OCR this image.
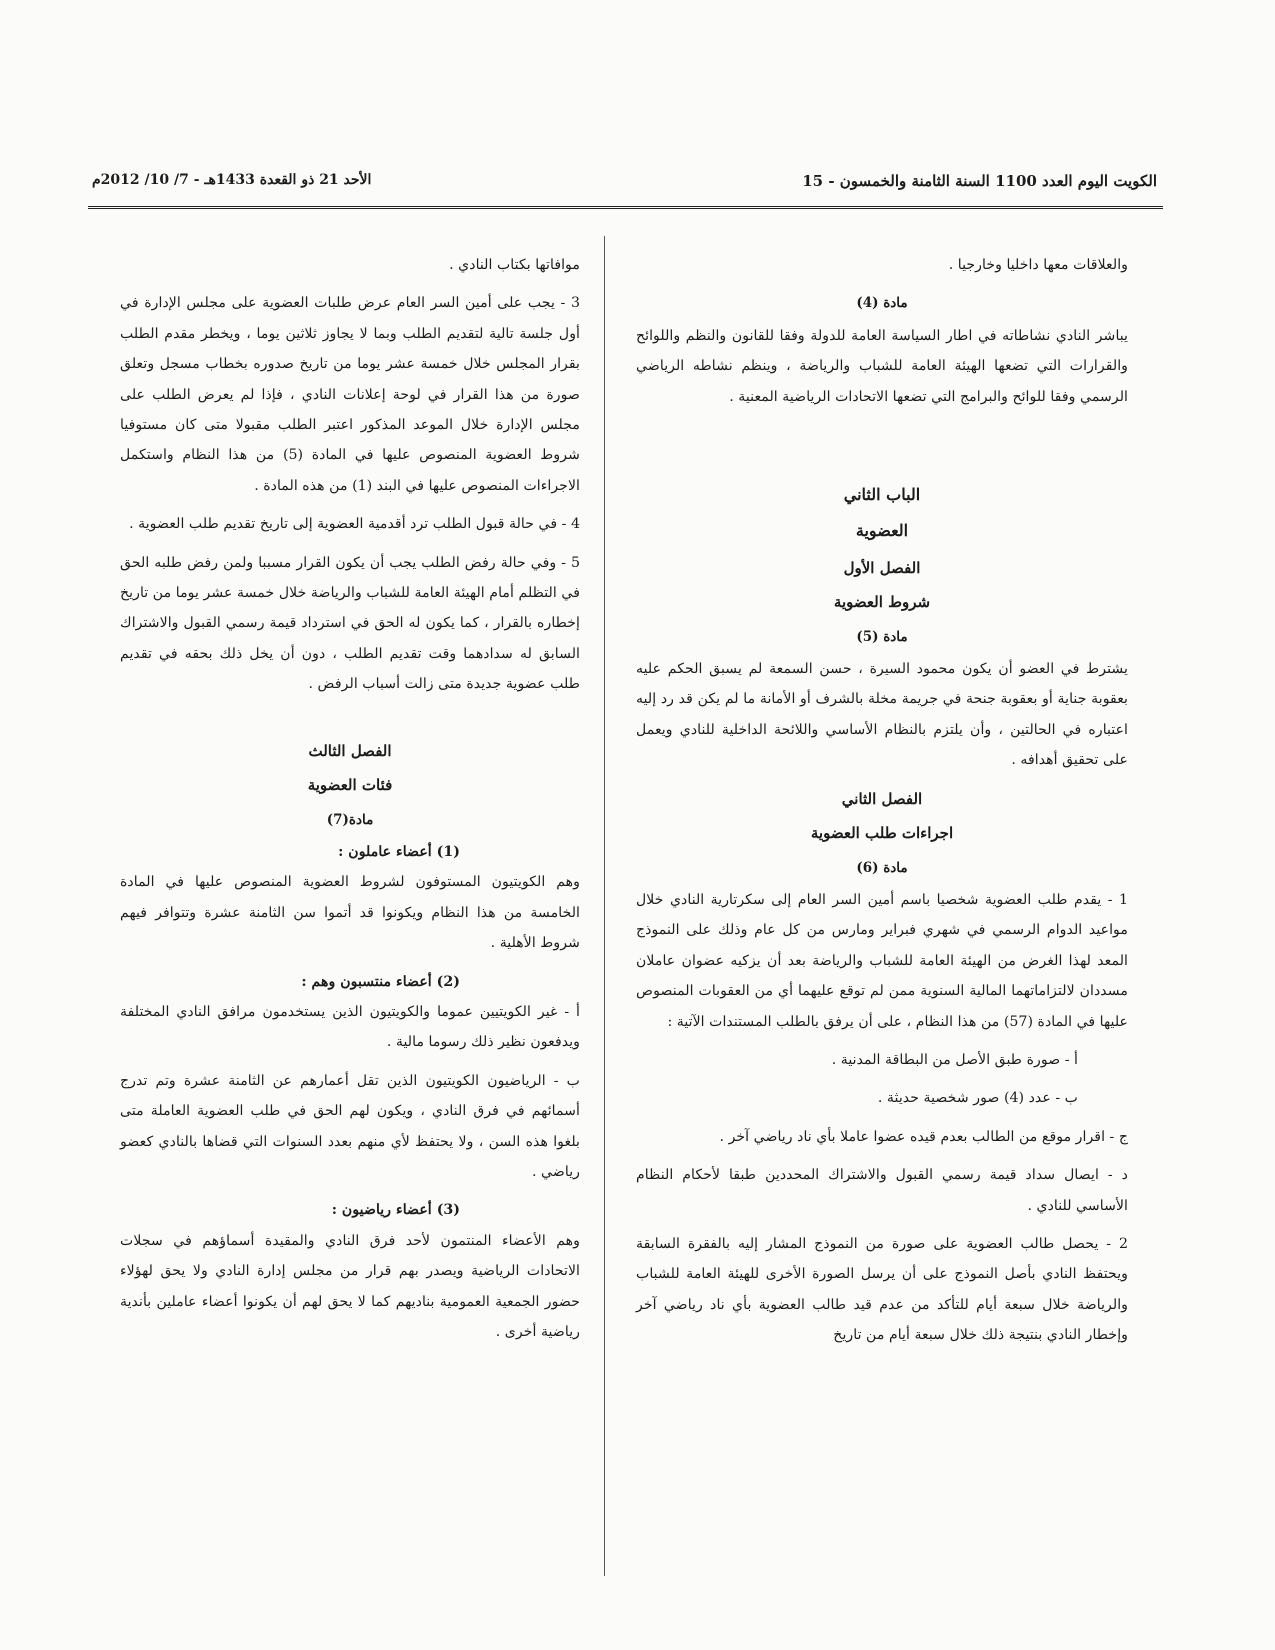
الكويت اليوم العدد 1100 السنة الثامنة والخمسون - 15
الأحد 21 ذو القعدة 1433هـ - 7/ 10/ 2012م

والعلاقات معها داخليا وخارجيا .

مادة (4)

يباشر النادي نشاطاته في اطار السياسة العامة للدولة وفقا للقانون والنظم واللوائح والقرارات التي تضعها الهيئة العامة للشباب والرياضة ، وينظم نشاطه الرياضي الرسمي وفقا للوائح والبرامج التي تضعها الاتحادات الرياضية المعنية .

الباب الثاني
العضوية
الفصل الأول
شروط العضوية
مادة (5)

يشترط في العضو أن يكون محمود السيرة ، حسن السمعة لم يسبق الحكم عليه بعقوبة جناية أو بعقوبة جنحة في جريمة مخلة بالشرف أو الأمانة ما لم يكن قد رد إليه اعتباره في الحالتين ، وأن يلتزم بالنظام الأساسي واللائحة الداخلية للنادي ويعمل على تحقيق أهدافه .

الفصل الثاني
اجراءات طلب العضوية
مادة (6)

1 - يقدم طلب العضوية شخصيا باسم أمين السر العام إلى سكرتارية النادي خلال مواعيد الدوام الرسمي في شهري فبراير ومارس من كل عام وذلك على النموذج المعد لهذا الغرض من الهيئة العامة للشباب والرياضة بعد أن يزكيه عضوان عاملان مسددان لالتزاماتهما المالية السنوية ممن لم توقع عليهما أي من العقوبات المنصوص عليها في المادة (57) من هذا النظام ، على أن يرفق بالطلب المستندات الآتية :

أ - صورة طبق الأصل من البطاقة المدنية .

ب - عدد (4) صور شخصية حديثة .

ج - اقرار موقع من الطالب بعدم قيده عضوا عاملا بأي ناد رياضي آخر .

د - ايصال سداد قيمة رسمي القبول والاشتراك المحددين طبقا لأحكام النظام الأساسي للنادي .

2 - يحصل طالب العضوية على صورة من النموذج المشار إليه بالفقرة السابقة ويحتفظ النادي بأصل النموذج على أن يرسل الصورة الأخرى للهيئة العامة للشباب والرياضة خلال سبعة أيام للتأكد من عدم قيد طالب العضوية بأي ناد رياضي آخر وإخطار النادي بنتيجة ذلك خلال سبعة أيام من تاريخ

موافاتها بكتاب النادي .

3 - يجب على أمين السر العام عرض طلبات العضوية على مجلس الإدارة في أول جلسة تالية لتقديم الطلب وبما لا يجاوز ثلاثين يوما ، ويخطر مقدم الطلب بقرار المجلس خلال خمسة عشر يوما من تاريخ صدوره بخطاب مسجل وتعلق صورة من هذا القرار في لوحة إعلانات النادي ، فإذا لم يعرض الطلب على مجلس الإدارة خلال الموعد المذكور اعتبر الطلب مقبولا متى كان مستوفيا شروط العضوية المنصوص عليها في المادة (5) من هذا النظام واستكمل الاجراءات المنصوص عليها في البند (1) من هذه المادة .

4 - في حالة قبول الطلب ترد أقدمية العضوية إلى تاريخ تقديم طلب العضوية .

5 - وفي حالة رفض الطلب يجب أن يكون القرار مسببا ولمن رفض طلبه الحق في التظلم أمام الهيئة العامة للشباب والرياضة خلال خمسة عشر يوما من تاريخ إخطاره بالقرار ، كما يكون له الحق في استرداد قيمة رسمي القبول والاشتراك السابق له سدادهما وقت تقديم الطلب ، دون أن يخل ذلك بحقه في تقديم طلب عضوية جديدة متى زالت أسباب الرفض .

الفصل الثالث
فئات العضوية
مادة(7)
(1) أعضاء عاملون :

وهم الكويتيون المستوفون لشروط العضوية المنصوص عليها في المادة الخامسة من هذا النظام ويكونوا قد أتموا سن الثامنة عشرة وتتوافر فيهم شروط الأهلية .

(2) أعضاء منتسبون وهم :

أ - غير الكويتيين عموما والكويتيون الذين يستخدمون مرافق النادي المختلفة ويدفعون نظير ذلك رسوما مالية .

ب - الرياضيون الكويتيون الذين تقل أعمارهم عن الثامنة عشرة وتم تدرج أسمائهم في فرق النادي ، ويكون لهم الحق في طلب العضوية العاملة متى بلغوا هذه السن ، ولا يحتفظ لأي منهم بعدد السنوات التي قضاها بالنادي كعضو رياضي .

(3) أعضاء رياضيون :

وهم الأعضاء المنتمون لأحد فرق النادي والمقيدة أسماؤهم في سجلات الاتحادات الرياضية ويصدر بهم قرار من مجلس إدارة النادي ولا يحق لهؤلاء حضور الجمعية العمومية بناديهم كما لا يحق لهم أن يكونوا أعضاء عاملين بأندية رياضية أخرى .
